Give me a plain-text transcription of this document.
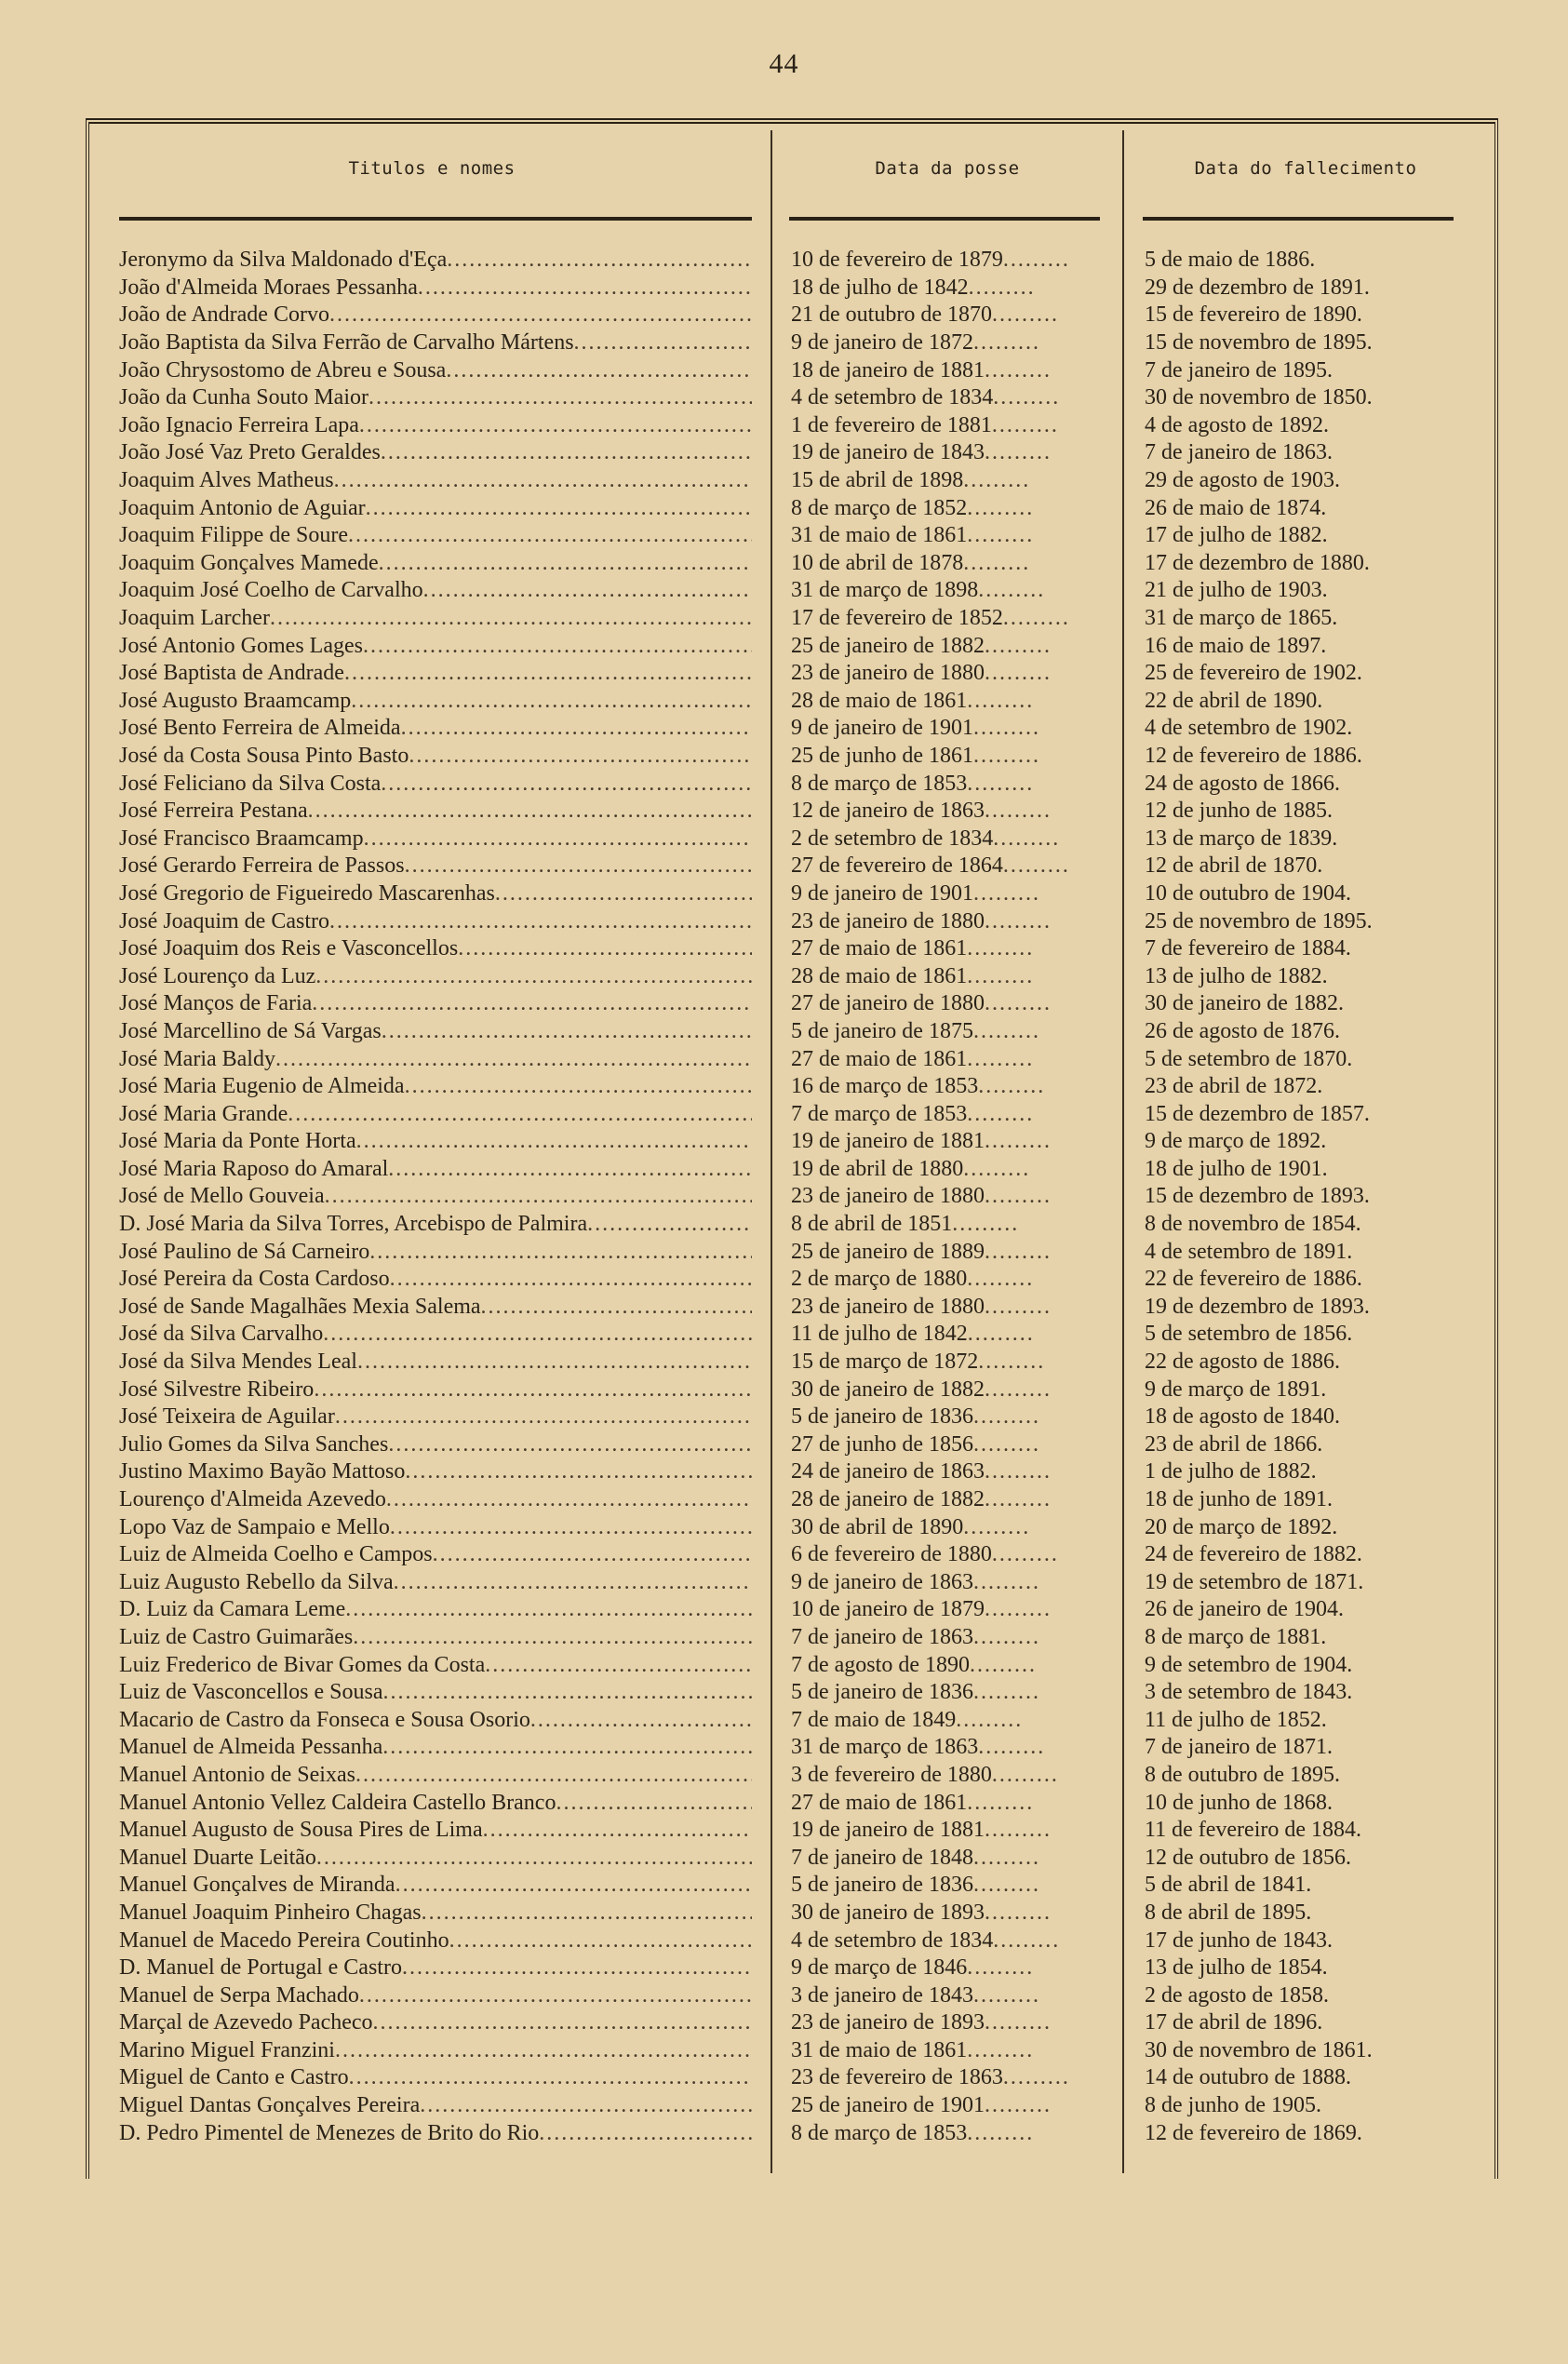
44
Titulos e nomes	Data da posse	Data do fallecimento
Jeronymo da Silva Maldonado d'Eça .....	10 de fevereiro de 1879 .....	5 de maio de 1886.
João d'Almeida Moraes Pessanha .....	18 de julho de 1842 .....	29 de dezembro de 1891.
João de Andrade Corvo .....	21 de outubro de 1870 .....	15 de fevereiro de 1890.
João Baptista da Silva Ferrão de Carvalho Mártens .....	9 de janeiro de 1872 .....	15 de novembro de 1895.
João Chrysostomo de Abreu e Sousa .....	18 de janeiro de 1881 .....	7 de janeiro de 1895.
João da Cunha Souto Maior .....	4 de setembro de 1834 .....	30 de novembro de 1850.
João Ignacio Ferreira Lapa .....	1 de fevereiro de 1881 .....	4 de agosto de 1892.
João José Vaz Preto Geraldes .....	19 de janeiro de 1843 .....	7 de janeiro de 1863.
Joaquim Alves Matheus .....	15 de abril de 1898 .....	29 de agosto de 1903.
Joaquim Antonio de Aguiar .....	8 de março de 1852 .....	26 de maio de 1874.
Joaquim Filippe de Soure .....	31 de maio de 1861 .....	17 de julho de 1882.
Joaquim Gonçalves Mamede .....	10 de abril de 1878 .....	17 de dezembro de 1880.
Joaquim José Coelho de Carvalho .....	31 de março de 1898 .....	21 de julho de 1903.
Joaquim Larcher .....	17 de fevereiro de 1852 .....	31 de março de 1865.
José Antonio Gomes Lages .....	25 de janeiro de 1882 .....	16 de maio de 1897.
José Baptista de Andrade .....	23 de janeiro de 1880 .....	25 de fevereiro de 1902.
José Augusto Braamcamp .....	28 de maio de 1861 .....	22 de abril de 1890.
José Bento Ferreira de Almeida .....	9 de janeiro de 1901 .....	4 de setembro de 1902.
José da Costa Sousa Pinto Basto .....	25 de junho de 1861 .....	12 de fevereiro de 1886.
José Feliciano da Silva Costa .....	8 de março de 1853 .....	24 de agosto de 1866.
José Ferreira Pestana .....	12 de janeiro de 1863 .....	12 de junho de 1885.
José Francisco Braamcamp .....	2 de setembro de 1834 .....	13 de março de 1839.
José Gerardo Ferreira de Passos .....	27 de fevereiro de 1864 .....	12 de abril de 1870.
José Gregorio de Figueiredo Mascarenhas .....	9 de janeiro de 1901 .....	10 de outubro de 1904.
José Joaquim de Castro .....	23 de janeiro de 1880 .....	25 de novembro de 1895.
José Joaquim dos Reis e Vasconcellos .....	27 de maio de 1861 .....	7 de fevereiro de 1884.
José Lourenço da Luz .....	28 de maio de 1861 .....	13 de julho de 1882.
José Manços de Faria .....	27 de janeiro de 1880 .....	30 de janeiro de 1882.
José Marcellino de Sá Vargas .....	5 de janeiro de 1875 .....	26 de agosto de 1876.
José Maria Baldy .....	27 de maio de 1861 .....	5 de setembro de 1870.
José Maria Eugenio de Almeida .....	16 de março de 1853 .....	23 de abril de 1872.
José Maria Grande .....	7 de março de 1853 .....	15 de dezembro de 1857.
José Maria da Ponte Horta .....	19 de janeiro de 1881 .....	9 de março de 1892.
José Maria Raposo do Amaral .....	19 de abril de 1880 .....	18 de julho de 1901.
José de Mello Gouveia .....	23 de janeiro de 1880 .....	15 de dezembro de 1893.
D. José Maria da Silva Torres, Arcebispo de Palmira .....	8 de abril de 1851 .....	8 de novembro de 1854.
José Paulino de Sá Carneiro .....	25 de janeiro de 1889 .....	4 de setembro de 1891.
José Pereira da Costa Cardoso .....	2 de março de 1880 .....	22 de fevereiro de 1886.
José de Sande Magalhães Mexia Salema .....	23 de janeiro de 1880 .....	19 de dezembro de 1893.
José da Silva Carvalho .....	11 de julho de 1842 .....	5 de setembro de 1856.
José da Silva Mendes Leal .....	15 de março de 1872 .....	22 de agosto de 1886.
José Silvestre Ribeiro .....	30 de janeiro de 1882 .....	9 de março de 1891.
José Teixeira de Aguilar .....	5 de janeiro de 1836 .....	18 de agosto de 1840.
Julio Gomes da Silva Sanches .....	27 de junho de 1856 .....	23 de abril de 1866.
Justino Maximo Bayão Mattoso .....	24 de janeiro de 1863 .....	1 de julho de 1882.
Lourenço d'Almeida Azevedo .....	28 de janeiro de 1882 .....	18 de junho de 1891.
Lopo Vaz de Sampaio e Mello .....	30 de abril de 1890 .....	20 de março de 1892.
Luiz de Almeida Coelho e Campos .....	6 de fevereiro de 1880 .....	24 de fevereiro de 1882.
Luiz Augusto Rebello da Silva .....	9 de janeiro de 1863 .....	19 de setembro de 1871.
D. Luiz da Camara Leme .....	10 de janeiro de 1879 .....	26 de janeiro de 1904.
Luiz de Castro Guimarães .....	7 de janeiro de 1863 .....	8 de março de 1881.
Luiz Frederico de Bivar Gomes da Costa .....	7 de agosto de 1890 .....	9 de setembro de 1904.
Luiz de Vasconcellos e Sousa .....	5 de janeiro de 1836 .....	3 de setembro de 1843.
Macario de Castro da Fonseca e Sousa Osorio .....	7 de maio de 1849 .....	11 de julho de 1852.
Manuel de Almeida Pessanha .....	31 de março de 1863 .....	7 de janeiro de 1871.
Manuel Antonio de Seixas .....	3 de fevereiro de 1880 .....	8 de outubro de 1895.
Manuel Antonio Vellez Caldeira Castello Branco .....	27 de maio de 1861 .....	10 de junho de 1868.
Manuel Augusto de Sousa Pires de Lima .....	19 de janeiro de 1881 .....	11 de fevereiro de 1884.
Manuel Duarte Leitão .....	7 de janeiro de 1848 .....	12 de outubro de 1856.
Manuel Gonçalves de Miranda .....	5 de janeiro de 1836 .....	5 de abril de 1841.
Manuel Joaquim Pinheiro Chagas .....	30 de janeiro de 1893 .....	8 de abril de 1895.
Manuel de Macedo Pereira Coutinho .....	4 de setembro de 1834 .....	17 de junho de 1843.
D. Manuel de Portugal e Castro .....	9 de março de 1846 .....	13 de julho de 1854.
Manuel de Serpa Machado .....	3 de janeiro de 1843 .....	2 de agosto de 1858.
Marçal de Azevedo Pacheco .....	23 de janeiro de 1893 .....	17 de abril de 1896.
Marino Miguel Franzini .....	31 de maio de 1861 .....	30 de novembro de 1861.
Miguel de Canto e Castro .....	23 de fevereiro de 1863 .....	14 de outubro de 1888.
Miguel Dantas Gonçalves Pereira .....	25 de janeiro de 1901 .....	8 de junho de 1905.
D. Pedro Pimentel de Menezes de Brito do Rio .....	8 de março de 1853 .....	12 de fevereiro de 1869.
